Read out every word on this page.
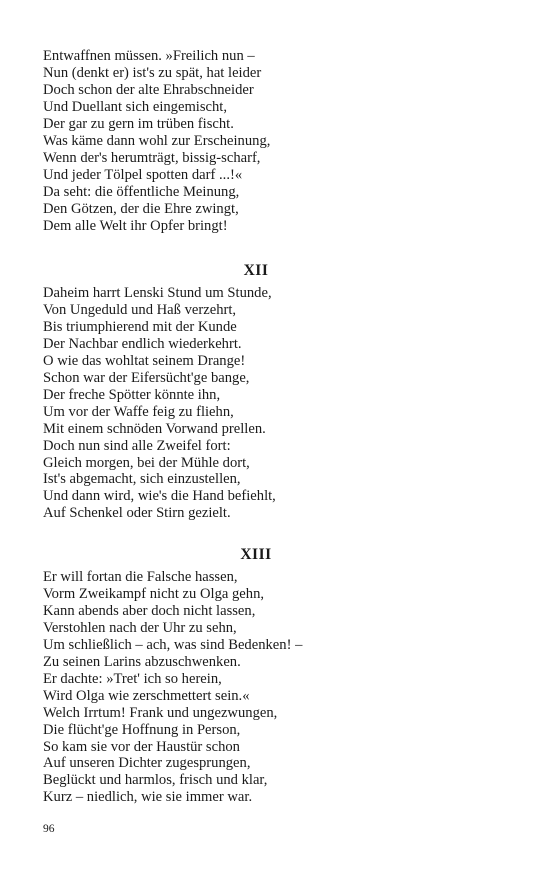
Entwaffnen müssen. »Freilich nun –
Nun (denkt er) ist's zu spät, hat leider
Doch schon der alte Ehrabschneider
Und Duellant sich eingemischt,
Der gar zu gern im trüben fischt.
Was käme dann wohl zur Erscheinung,
Wenn der's herumträgt, bissig-scharf,
Und jeder Tölpel spotten darf ...!«
Da seht: die öffentliche Meinung,
Den Götzen, der die Ehre zwingt,
Dem alle Welt ihr Opfer bringt!
XII
Daheim harrt Lenski Stund um Stunde,
Von Ungeduld und Haß verzehrt,
Bis triumphierend mit der Kunde
Der Nachbar endlich wiederkehrt.
O wie das wohltat seinem Drange!
Schon war der Eifersücht'ge bange,
Der freche Spötter könnte ihn,
Um vor der Waffe feig zu fliehn,
Mit einem schnöden Vorwand prellen.
Doch nun sind alle Zweifel fort:
Gleich morgen, bei der Mühle dort,
Ist's abgemacht, sich einzustellen,
Und dann wird, wie's die Hand befiehlt,
Auf Schenkel oder Stirn gezielt.
XIII
Er will fortan die Falsche hassen,
Vorm Zweikampf nicht zu Olga gehn,
Kann abends aber doch nicht lassen,
Verstohlen nach der Uhr zu sehn,
Um schließlich – ach, was sind Bedenken! –
Zu seinen Larins abzuschwenken.
Er dachte: »Tret' ich so herein,
Wird Olga wie zerschmettert sein.«
Welch Irrtum! Frank und ungezwungen,
Die flücht'ge Hoffnung in Person,
So kam sie vor der Haustür schon
Auf unseren Dichter zugesprungen,
Beglückt und harmlos, frisch und klar,
Kurz – niedlich, wie sie immer war.
96
